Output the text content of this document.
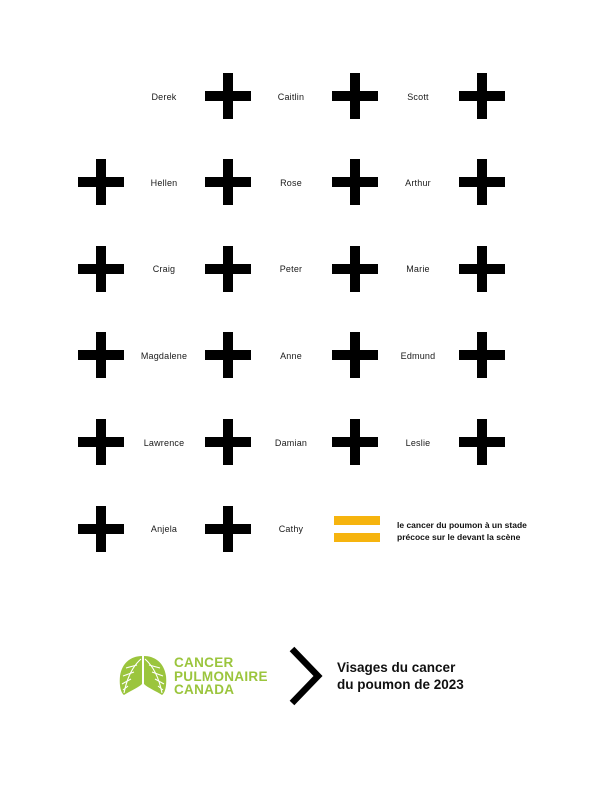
Derek	Caitlin	Scott
Hellen	Rose	Arthur
Craig	Peter	Marie
Magdalene	Anne	Edmund
Lawrence	Damian	Leslie
Anjela	Cathy	le cancer du poumon à un stade
précoce sur le devant la scène
CANCER
PULMONAIRE
CANADA
Visages du cancer
du poumon de 2023
